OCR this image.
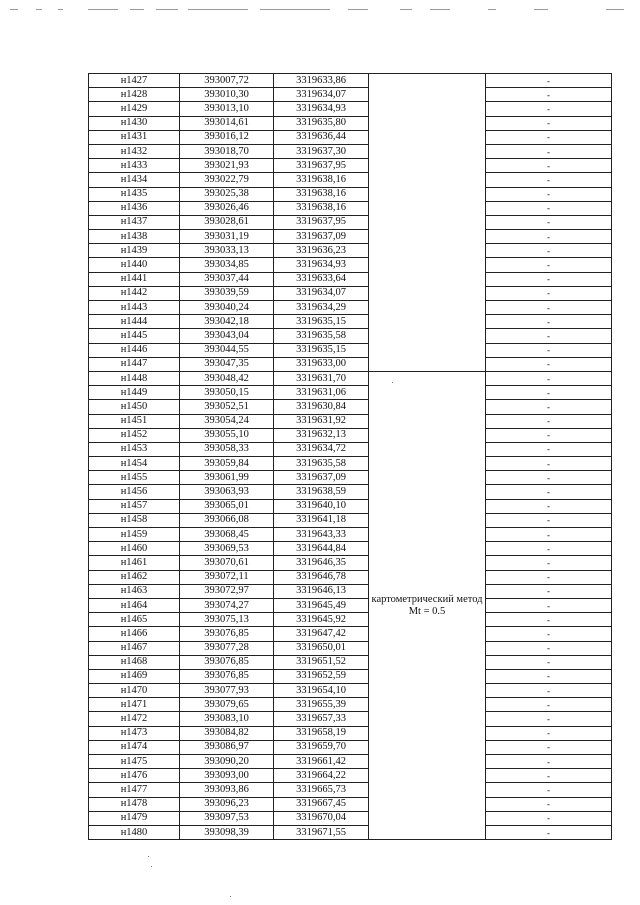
н1427	393007,72	3319633,86		-
н1428	393010,30	3319634,07		-
н1429	393013,10	3319634,93		-
н1430	393014,61	3319635,80		-
н1431	393016,12	3319636,44		-
н1432	393018,70	3319637,30		-
н1433	393021,93	3319637,95		-
н1434	393022,79	3319638,16		-
н1435	393025,38	3319638,16		-
н1436	393026,46	3319638,16		-
н1437	393028,61	3319637,95		-
н1438	393031,19	3319637,09		-
н1439	393033,13	3319636,23		-
н1440	393034,85	3319634,93		-
н1441	393037,44	3319633,64		-
н1442	393039,59	3319634,07		-
н1443	393040,24	3319634,29		-
н1444	393042,18	3319635,15		-
н1445	393043,04	3319635,58		-
н1446	393044,55	3319635,15		-
н1447	393047,35	3319633,00		-
н1448	393048,42	3319631,70	картометрический метод Mt = 0.5	-
н1449	393050,15	3319631,06		-
н1450	393052,51	3319630,84		-
н1451	393054,24	3319631,92		-
н1452	393055,10	3319632,13		-
н1453	393058,33	3319634,72		-
н1454	393059,84	3319635,58		-
н1455	393061,99	3319637,09		-
н1456	393063,93	3319638,59		-
н1457	393065,01	3319640,10		-
н1458	393066,08	3319641,18		-
н1459	393068,45	3319643,33		-
н1460	393069,53	3319644,84		-
н1461	393070,61	3319646,35		-
н1462	393072,11	3319646,78		-
н1463	393072,97	3319646,13		-
н1464	393074,27	3319645,49		-
н1465	393075,13	3319645,92		-
н1466	393076,85	3319647,42		-
н1467	393077,28	3319650,01		-
н1468	393076,85	3319651,52		-
н1469	393076,85	3319652,59		-
н1470	393077,93	3319654,10		-
н1471	393079,65	3319655,39		-
н1472	393083,10	3319657,33		-
н1473	393084,82	3319658,19		-
н1474	393086,97	3319659,70		-
н1475	393090,20	3319661,42		-
н1476	393093,00	3319664,22		-
н1477	393093,86	3319665,73		-
н1478	393096,23	3319667,45		-
н1479	393097,53	3319670,04		-
н1480	393098,39	3319671,55		-
